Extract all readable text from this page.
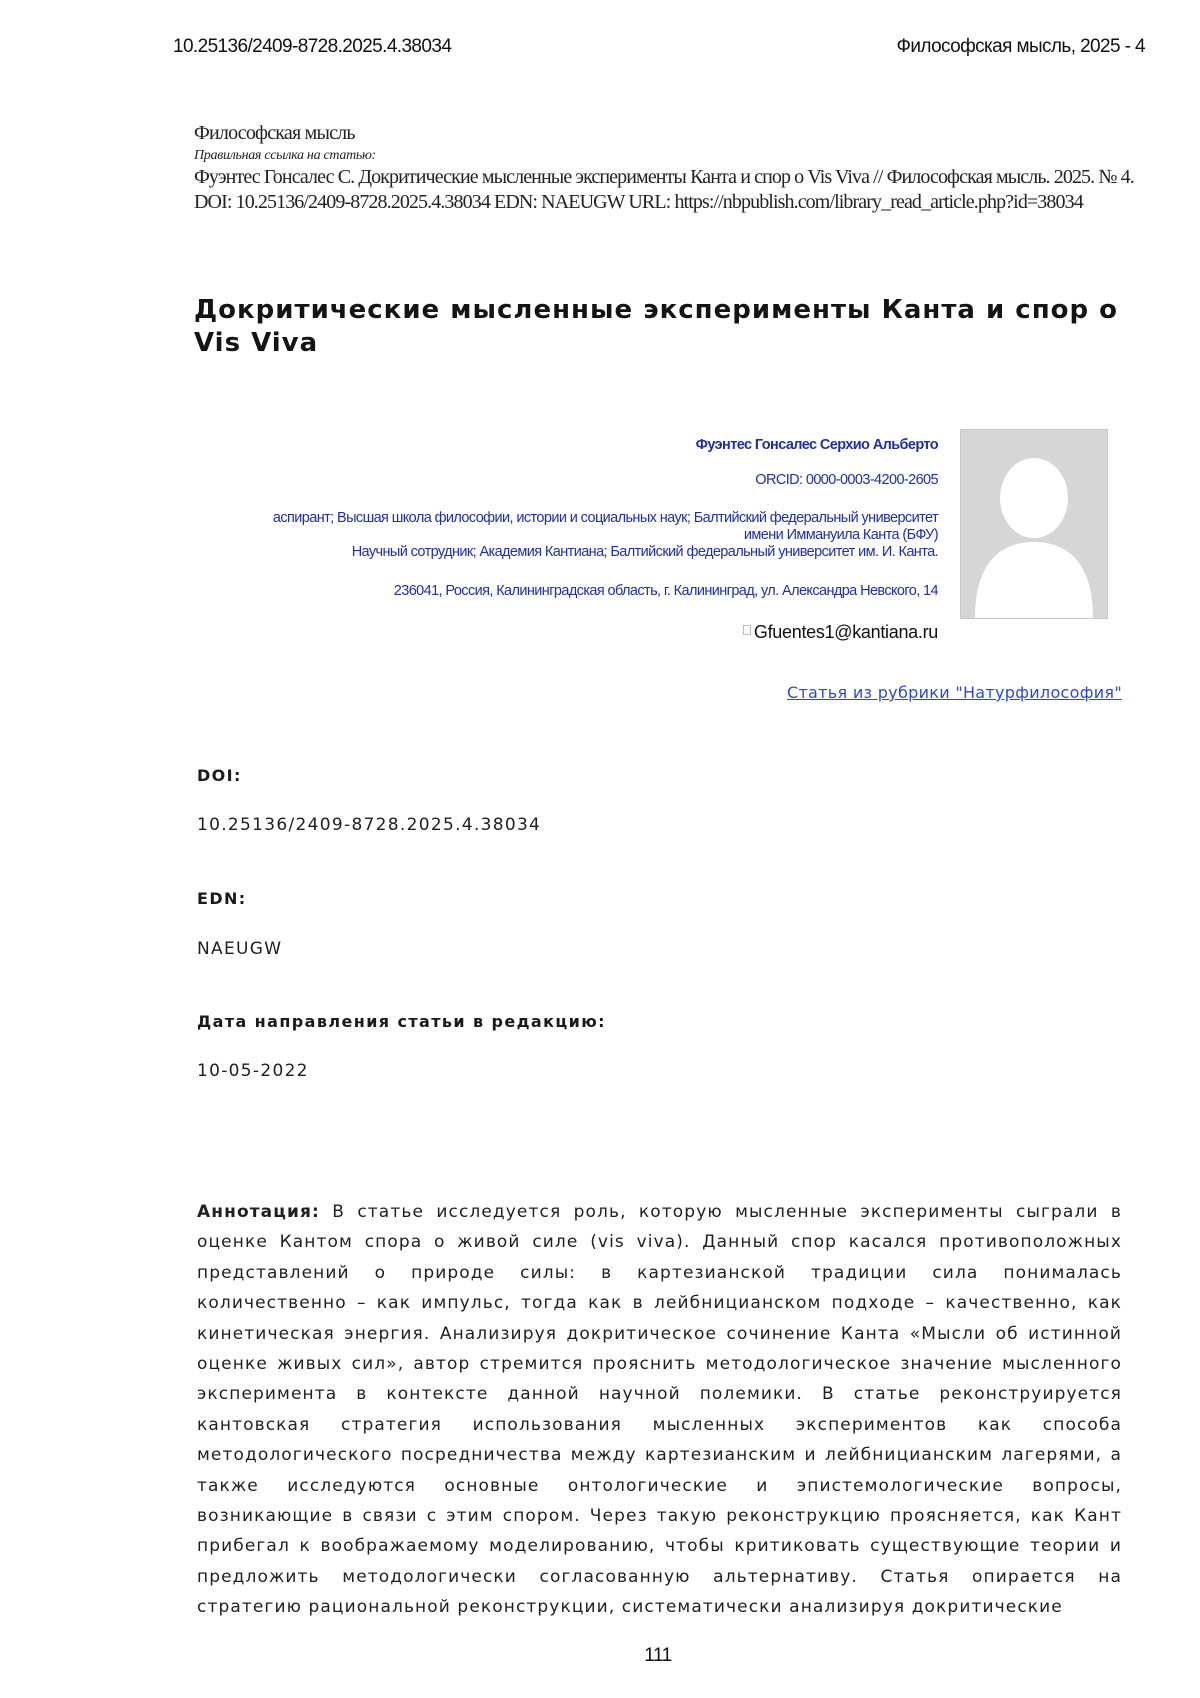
10.25136/2409-8728.2025.4.38034	Философская мысль, 2025 - 4
Философская мысль
Правильная ссылка на статью:
Фуэнтес Гонсалес С. Докритические мысленные эксперименты Канта и спор о Vis Viva // Философская мысль. 2025. № 4. DOI: 10.25136/2409-8728.2025.4.38034 EDN: NAEUGW URL: https://nbpublish.com/library_read_article.php?id=38034
Докритические мысленные эксперименты Канта и спор о Vis Viva
Фуэнтес Гонсалес Серхио Альберто
ORCID: 0000-0003-4200-2605
аспирант; Высшая школа философии, истории и социальных наук; Балтийский федеральный университет имени Иммануила Канта (БФУ)
Научный сотрудник; Академия Кантиана; Балтийский федеральный университет им. И. Канта.
236041, Россия, Калининградская область, г. Калининград, ул. Александра Невского, 14
Gfuentes1@kantiana.ru
Статья из рубрики "Натурфилософия"
DOI:
10.25136/2409-8728.2025.4.38034
EDN:
NAEUGW
Дата направления статьи в редакцию:
10-05-2022
Аннотация: В статье исследуется роль, которую мысленные эксперименты сыграли в оценке Кантом спора о живой силе (vis viva). Данный спор касался противоположных представлений о природе силы: в картезианской традиции сила понималась количественно – как импульс, тогда как в лейбницианском подходе – качественно, как кинетическая энергия. Анализируя докритическое сочинение Канта «Мысли об истинной оценке живых сил», автор стремится прояснить методологическое значение мысленного эксперимента в контексте данной научной полемики. В статье реконструируется кантовская стратегия использования мысленных экспериментов как способа методологического посредничества между картезианским и лейбницианским лагерями, а также исследуются основные онтологические и эпистемологические вопросы, возникающие в связи с этим спором. Через такую реконструкцию проясняется, как Кант прибегал к воображаемому моделированию, чтобы критиковать существующие теории и предложить методологически согласованную альтернативу. Статья опирается на стратегию рациональной реконструкции, систематически анализируя докритические
111
